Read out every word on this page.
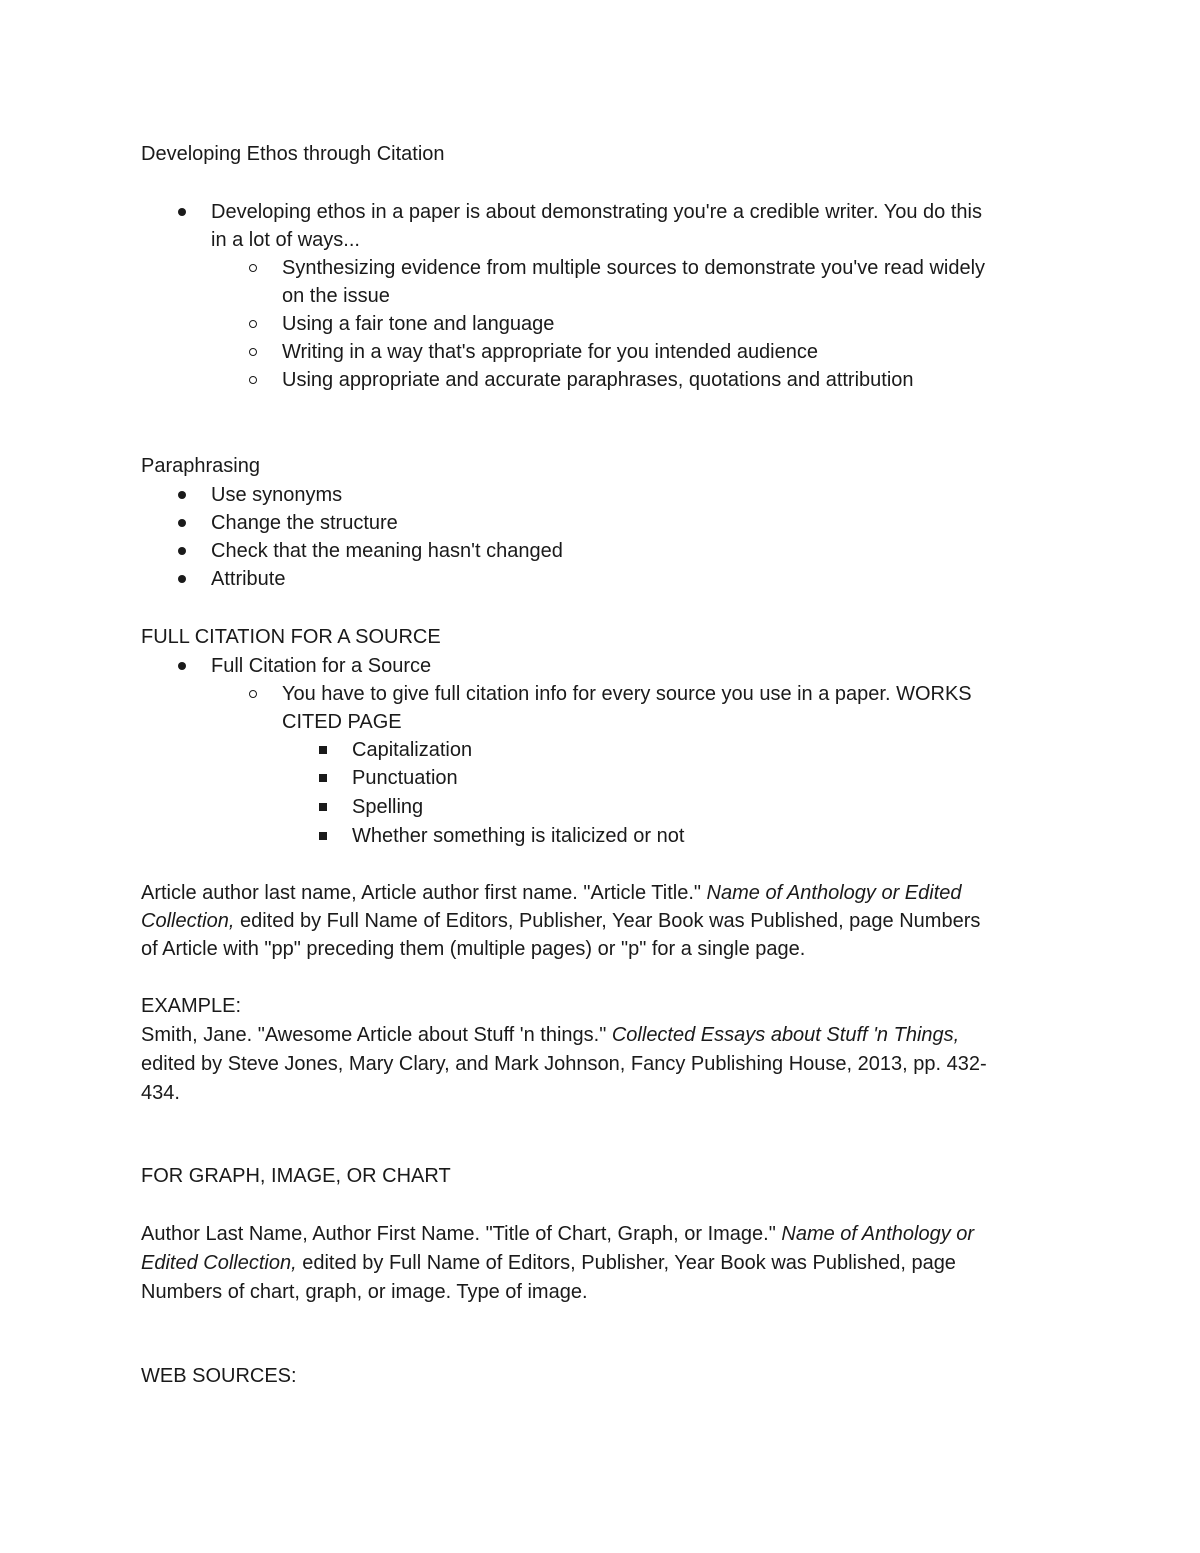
Developing Ethos through Citation
Developing ethos in a paper is about demonstrating you're a credible writer. You do this
in a lot of ways...
Synthesizing evidence from multiple sources to demonstrate you've read widely
on the issue
Using a fair tone and language
Writing in a way that's appropriate for you intended audience
Using appropriate and accurate paraphrases, quotations and attribution
Paraphrasing
Use synonyms
Change the structure
Check that the meaning hasn't changed
Attribute
FULL CITATION FOR A SOURCE
Full Citation for a Source
You have to give full citation info for every source you use in a paper. WORKS
CITED PAGE
Capitalization
Punctuation
Spelling
Whether something is italicized or not
Article author last name, Article author first name. "Article Title." Name of Anthology or Edited
Collection, edited by Full Name of Editors, Publisher, Year Book was Published, page Numbers
of Article with "pp" preceding them (multiple pages) or "p" for a single page.
EXAMPLE:
Smith, Jane. "Awesome Article about Stuff 'n things." Collected Essays about Stuff 'n Things,
edited by Steve Jones, Mary Clary, and Mark Johnson, Fancy Publishing House, 2013, pp. 432-
434.
FOR GRAPH, IMAGE, OR CHART
Author Last Name, Author First Name. "Title of Chart, Graph, or Image." Name of Anthology or
Edited Collection, edited by Full Name of Editors, Publisher, Year Book was Published, page
Numbers of chart, graph, or image. Type of image.
WEB SOURCES:
